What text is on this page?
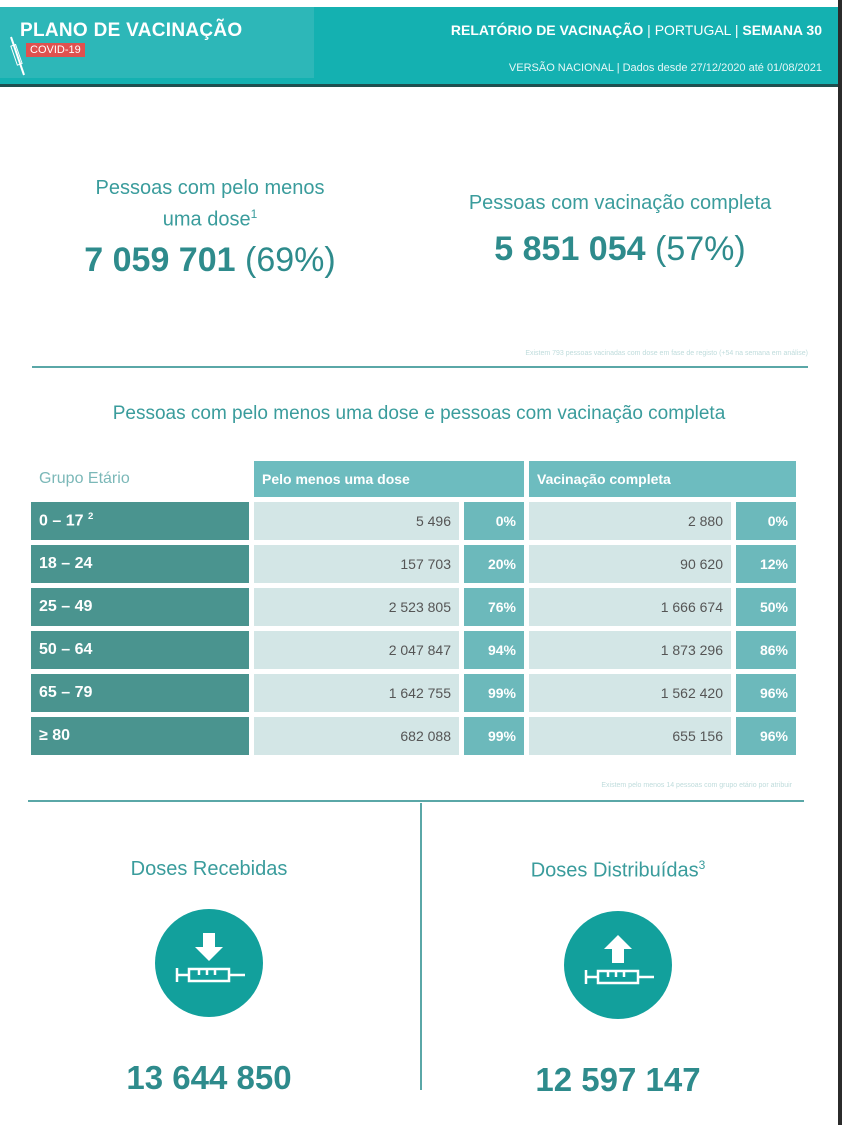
PLANO DE VACINAÇÃO
COVID-19
RELATÓRIO DE VACINAÇÃO | PORTUGAL | SEMANA 30
VERSÃO NACIONAL | Dados desde 27/12/2020 até 01/08/2021
Pessoas com pelo menos
uma dose$^1$
7 059 701 (69%)
Pessoas com vacinação completa
5 851 054 (57%)
Existem 793 pessoas vacinadas com dose em fase de registo (+54 na semana em análise)
Pessoas com pelo menos uma dose e pessoas com vacinação completa
Grupo Etário	Pelo menos uma dose		Vacinação completa	
0 – 17 $^2$	5 496	0%	2 880	0%
18 – 24	157 703	20%	90 620	12%
25 – 49	2 523 805	76%	1 666 674	50%
50 – 64	2 047 847	94%	1 873 296	86%
65 – 79	1 642 755	99%	1 562 420	96%
≥ 80	682 088	99%	655 156	96%
Existem pelo menos 14 pessoas com grupo etário por atribuir
Doses Recebidas
13 644 850
Doses Distribuídas$^3$
12 597 147
